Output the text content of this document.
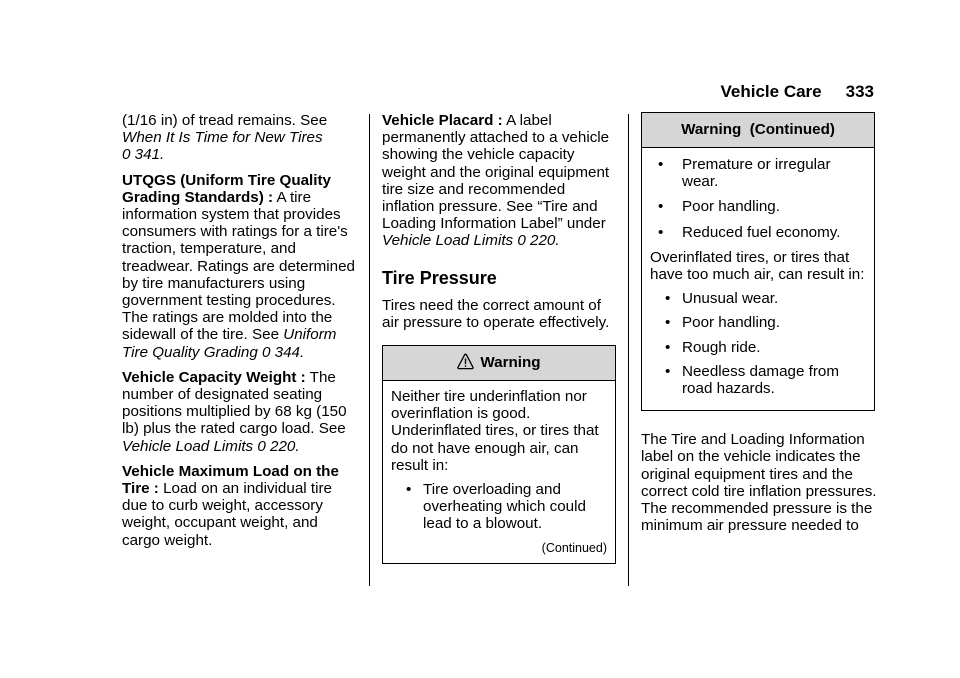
Vehicle Care 333

(1/16 in) of tread remains. See When It Is Time for New Tires
0 341.

UTQGS (Uniform Tire Quality Grading Standards) : A tire information system that provides consumers with ratings for a tire's traction, temperature, and treadwear. Ratings are determined by tire manufacturers using government testing procedures. The ratings are molded into the sidewall of the tire. See Uniform Tire Quality Grading 0 344.

Vehicle Capacity Weight : The number of designated seating positions multiplied by 68 kg (150 lb) plus the rated cargo load. See Vehicle Load Limits 0 220.

Vehicle Maximum Load on the Tire : Load on an individual tire due to curb weight, accessory weight, occupant weight, and cargo weight.

Vehicle Placard : A label permanently attached to a vehicle showing the vehicle capacity weight and the original equipment tire size and recommended inflation pressure. See “Tire and Loading Information Label” under Vehicle Load Limits 0 220.

Tire Pressure

Tires need the correct amount of air pressure to operate effectively.

Warning

Neither tire underinflation nor overinflation is good. Underinflated tires, or tires that do not have enough air, can result in:

• Tire overloading and overheating which could lead to a blowout.
(Continued)
Warning  (Continued)
• Premature or irregular wear.
• Poor handling.
• Reduced fuel economy.

Overinflated tires, or tires that have too much air, can result in:

• Unusual wear.
• Poor handling.
• Rough ride.
• Needless damage from road hazards.

The Tire and Loading Information label on the vehicle indicates the original equipment tires and the correct cold tire inflation pressures. The recommended pressure is the minimum air pressure needed to
